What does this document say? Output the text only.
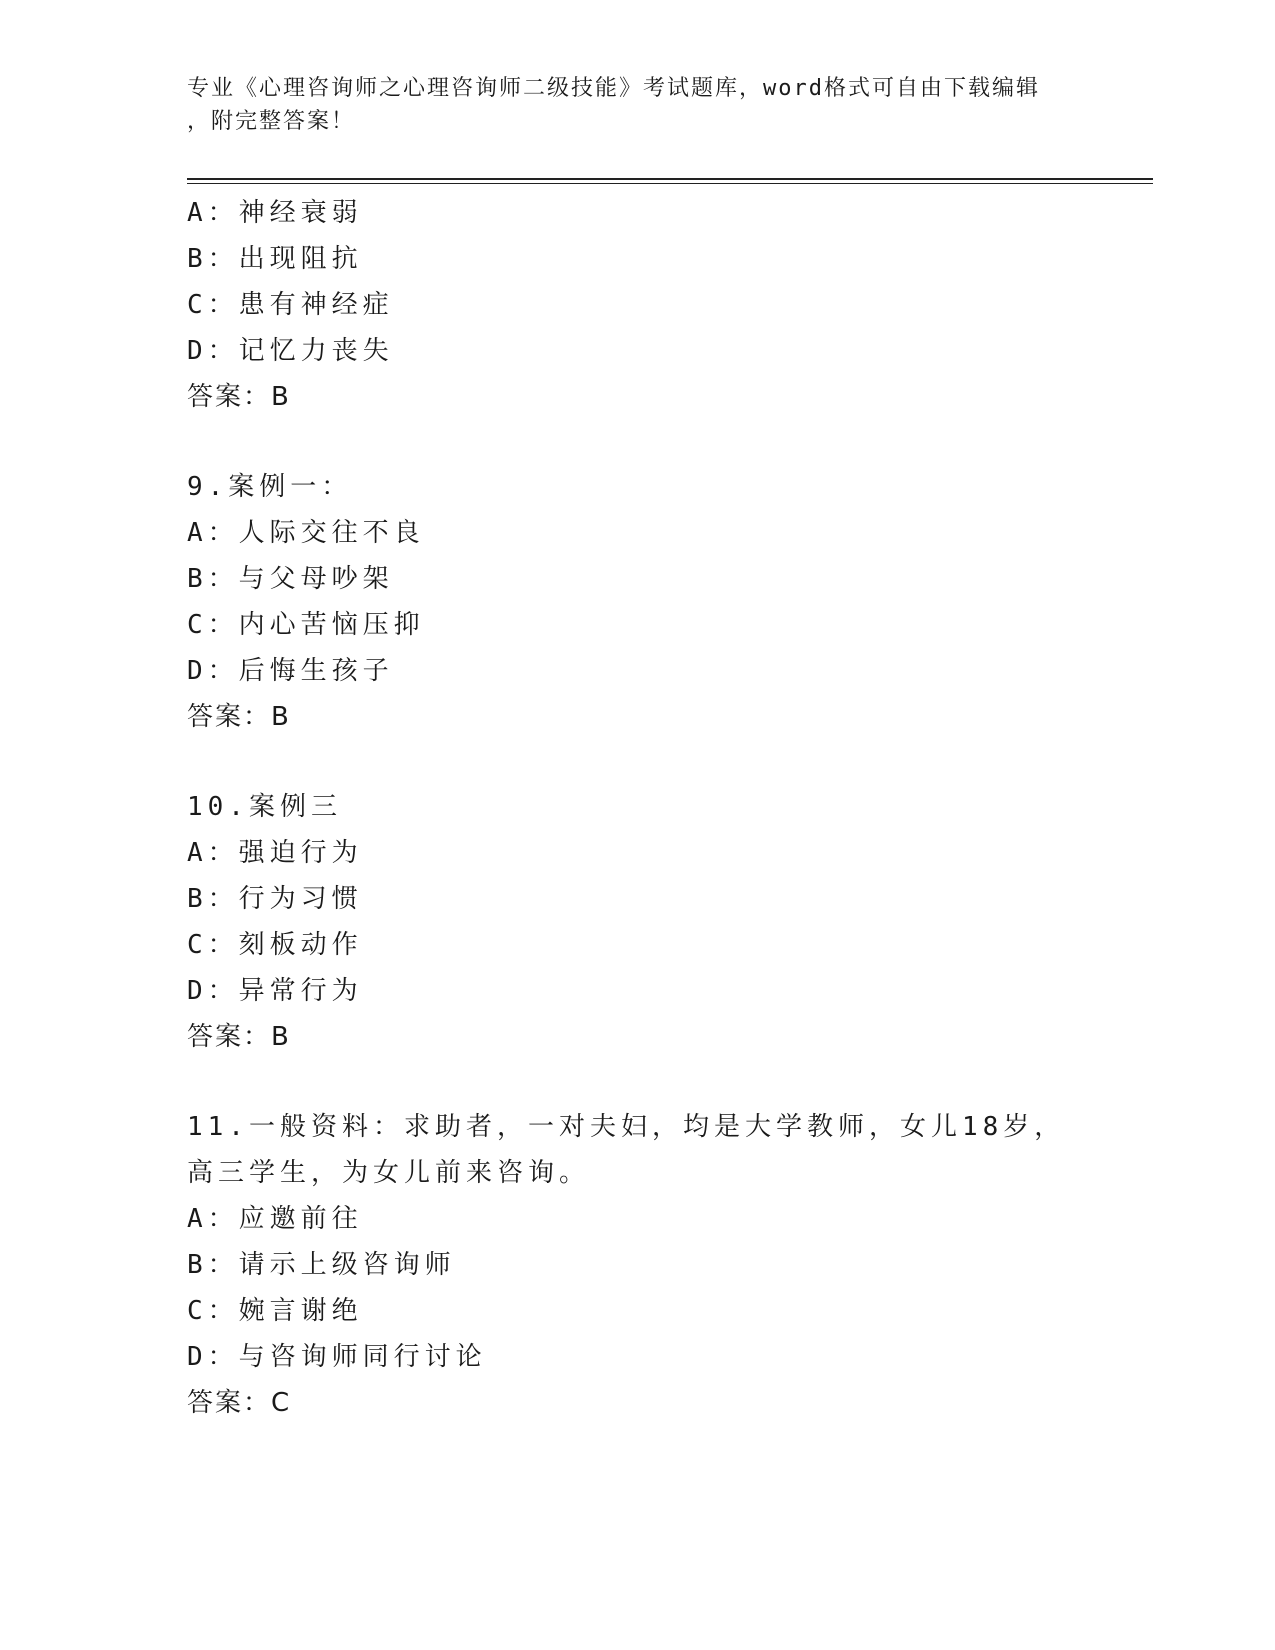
专业《心理咨询师之心理咨询师二级技能》考试题库，word格式可自由下载编辑
，附完整答案！
A：神经衰弱
B：出现阻抗
C：患有神经症
D：记忆力丧失
答案：B
9.案例一：
A：人际交往不良
B：与父母吵架
C：内心苦恼压抑
D：后悔生孩子
答案：B
10.案例三
A：强迫行为
B：行为习惯
C：刻板动作
D：异常行为
答案：B
11.一般资料：求助者，一对夫妇，均是大学教师，女儿18岁，高三学生，为女儿前来咨询。
A：应邀前往
B：请示上级咨询师
C：婉言谢绝
D：与咨询师同行讨论
答案：C
